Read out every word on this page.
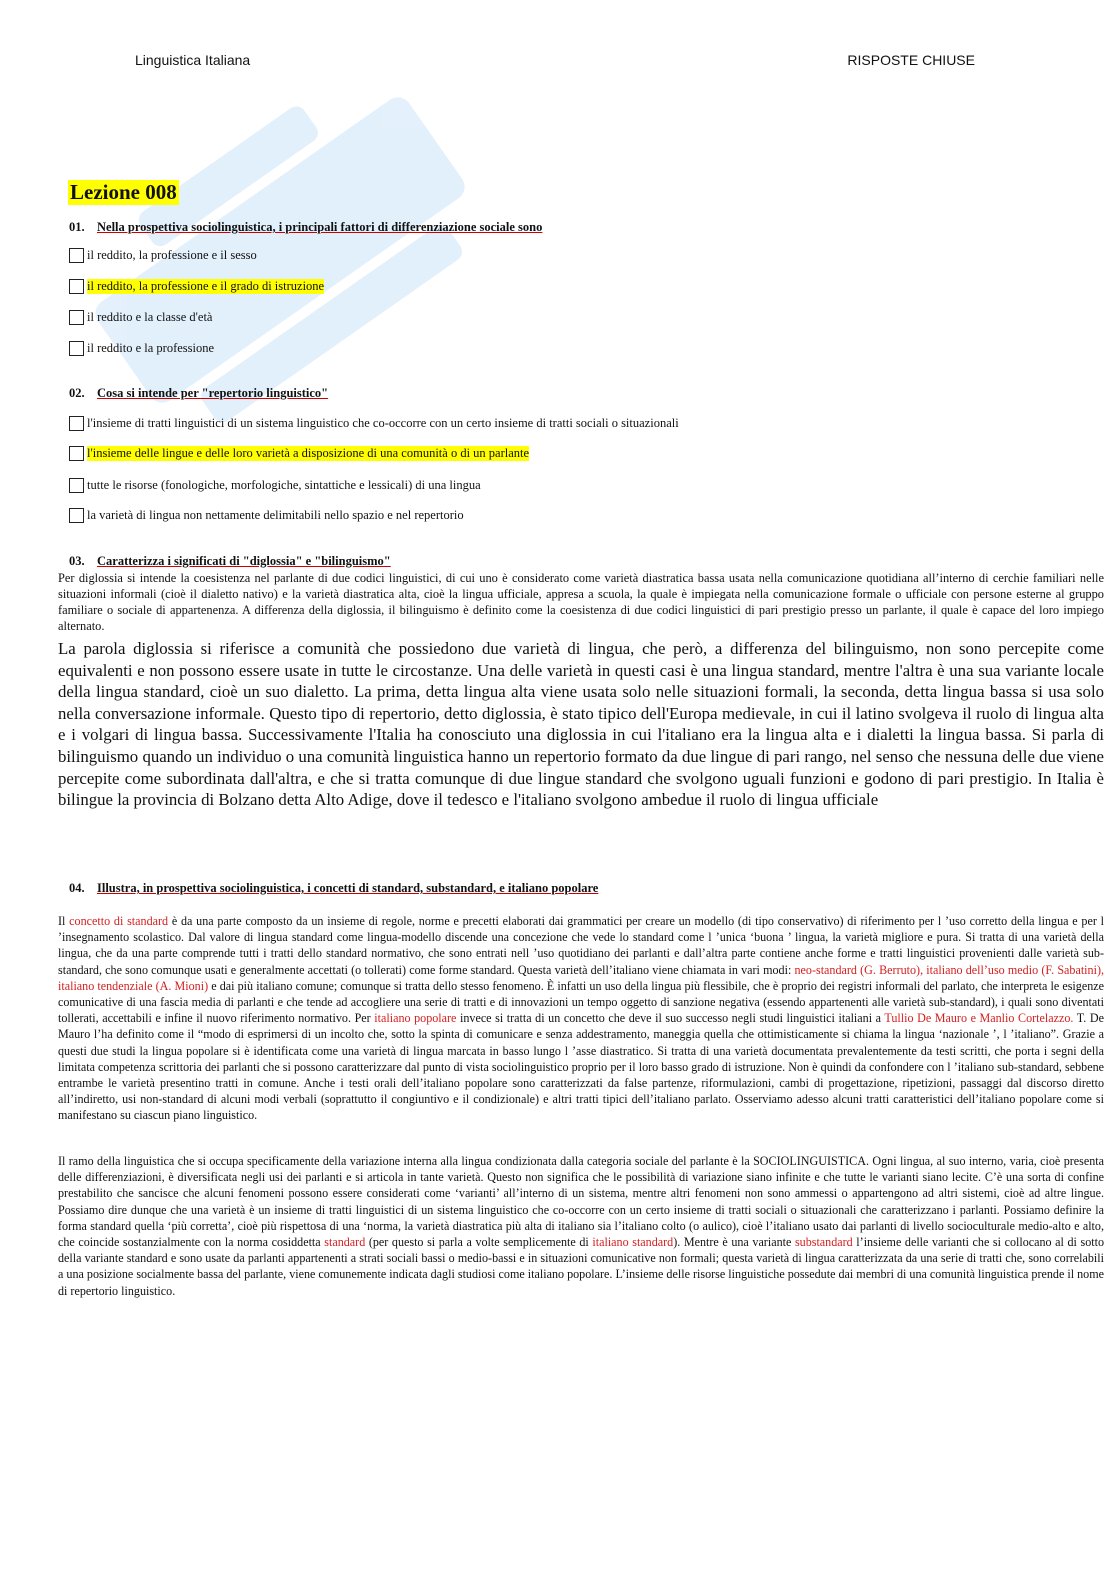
Linguistica Italiana	RISPOSTE CHIUSE
Lezione 008
01. Nella prospettiva sociolinguistica, i principali fattori di differenziazione sociale sono
il reddito, la professione e il sesso
il reddito, la professione e il grado di istruzione
il reddito e la classe d'età
il reddito e la professione
02. Cosa si intende per "repertorio linguistico"
l'insieme di tratti linguistici di un sistema linguistico che co-occorre con un certo insieme di tratti sociali o situazionali
l'insieme delle lingue e delle loro varietà a disposizione di una comunità o di un parlante
tutte le risorse (fonologiche, morfologiche, sintattiche e lessicali) di una lingua
la varietà di lingua non nettamente delimitabili nello spazio e nel repertorio
03. Caratterizza i significati di "diglossia" e "bilinguismo"

Per diglossia si intende la coesistenza nel parlante di due codici linguistici, di cui uno è considerato come varietà diastratica bassa usata nella comunicazione quotidiana all’interno di cerchie familiari nelle situazioni informali (cioè il dialetto nativo) e la varietà diastratica alta, cioè la lingua ufficiale, appresa a scuola, la quale è impiegata nella comunicazione formale o ufficiale con persone esterne al gruppo familiare o sociale di appartenenza. A differenza della diglossia, il bilinguismo è definito come la coesistenza di due codici linguistici di pari prestigio presso un parlante, il quale è capace del loro impiego alternato.

La parola diglossia si riferisce a comunità che possiedono due varietà di lingua, che però, a differenza del bilinguismo, non sono percepite come equivalenti e non possono essere usate in tutte le circostanze. Una delle varietà in questi casi è una lingua standard, mentre l'altra è una sua variante locale della lingua standard, cioè un suo dialetto. La prima, detta lingua alta viene usata solo nelle situazioni formali, la seconda, detta lingua bassa si usa solo nella conversazione informale. Questo tipo di repertorio, detto diglossia, è stato tipico dell'Europa medievale, in cui il latino svolgeva il ruolo di lingua alta e i volgari di lingua bassa. Successivamente l'Italia ha conosciuto una diglossia in cui l'italiano era la lingua alta e i dialetti la lingua bassa. Si parla di bilinguismo quando un individuo o una comunità linguistica hanno un repertorio formato da due lingue di pari rango, nel senso che nessuna delle due viene percepite come subordinata dall'altra, e che si tratta comunque di due lingue standard che svolgono uguali funzioni e godono di pari prestigio. In Italia è bilingue la provincia di Bolzano detta Alto Adige, dove il tedesco e l'italiano svolgono ambedue il ruolo di lingua ufficiale

04. Illustra, in prospettiva sociolinguistica, i concetti di standard, substandard, e italiano popolare

Il concetto di standard è da una parte composto da un insieme di regole, norme e precetti elaborati dai grammatici per creare un modello (di tipo conservativo) di riferimento per l ’uso corretto della lingua e per l ’insegnamento scolastico. Dal valore di lingua standard come lingua-modello discende una concezione che vede lo standard come l ’unica ‘buona ’ lingua, la varietà migliore e pura. Si tratta di una varietà della lingua, che da una parte comprende tutti i tratti dello standard normativo, che sono entrati nell ’uso quotidiano dei parlanti e dall’altra parte contiene anche forme e tratti linguistici provenienti dalle varietà sub-standard, che sono comunque usati e generalmente accettati (o tollerati) come forme standard. Questa varietà dell’italiano viene chiamata in vari modi: neo-standard (G. Berruto), italiano dell’uso medio (F. Sabatini), italiano tendenziale (A. Mioni) e dai più italiano comune; comunque si tratta dello stesso fenomeno. È infatti un uso della lingua più flessibile, che è proprio dei registri informali del parlato, che interpreta le esigenze comunicative di una fascia media di parlanti e che tende ad accogliere una serie di tratti e di innovazioni un tempo oggetto di sanzione negativa (essendo appartenenti alle varietà sub-standard), i quali sono diventati tollerati, accettabili e infine il nuovo riferimento normativo. Per italiano popolare invece si tratta di un concetto che deve il suo successo negli studi linguistici italiani a Tullio De Mauro e Manlio Cortelazzo. T. De Mauro l’ha definito come il “modo di esprimersi di un incolto che, sotto la spinta di comunicare e senza addestramento, maneggia quella che ottimisticamente si chiama la lingua ‘nazionale ’, l ’italiano”. Grazie a questi due studi la lingua popolare si è identificata come una varietà di lingua marcata in basso lungo l ’asse diastratico. Si tratta di una varietà documentata prevalentemente da testi scritti, che porta i segni della limitata competenza scrittoria dei parlanti che si possono caratterizzare dal punto di vista sociolinguistico proprio per il loro basso grado di istruzione. Non è quindi da confondere con l ’italiano sub-standard, sebbene entrambe le varietà presentino tratti in comune. Anche i testi orali dell’italiano popolare sono caratterizzati da false partenze, riformulazioni, cambi di progettazione, ripetizioni, passaggi dal discorso diretto all’indiretto, usi non-standard di alcuni modi verbali (soprattutto il congiuntivo e il condizionale) e altri tratti tipici dell’italiano parlato. Osserviamo adesso alcuni tratti caratteristici dell’italiano popolare come si manifestano su ciascun piano linguistico.

Il ramo della linguistica che si occupa specificamente della variazione interna alla lingua condizionata dalla categoria sociale del parlante è la SOCIOLINGUISTICA. Ogni lingua, al suo interno, varia, cioè presenta delle differenziazioni, è diversificata negli usi dei parlanti e si articola in tante varietà. Questo non significa che le possibilità di variazione siano infinite e che tutte le varianti siano lecite. C’è una sorta di confine prestabilito che sancisce che alcuni fenomeni possono essere considerati come ‘varianti’ all’interno di un sistema, mentre altri fenomeni non sono ammessi o appartengono ad altri sistemi, cioè ad altre lingue. Possiamo dire dunque che una varietà è un insieme di tratti linguistici di un sistema linguistico che co-occorre con un certo insieme di tratti sociali o situazionali che caratterizzano i parlanti. Possiamo definire la forma standard quella ‘più corretta’, cioè più rispettosa di una ‘norma, la varietà diastratica più alta di italiano sia l’italiano colto (o aulico), cioè l’italiano usato dai parlanti di livello socioculturale medio-alto e alto, che coincide sostanzialmente con la norma cosiddetta standard (per questo si parla a volte semplicemente di italiano standard). Mentre è una variante substandard l’insieme delle varianti che si collocano al di sotto della variante standard e sono usate da parlanti appartenenti a strati sociali bassi o medio-bassi e in situazioni comunicative non formali; questa varietà di lingua caratterizzata da una serie di tratti che, sono correlabili a una posizione socialmente bassa del parlante, viene comunemente indicata dagli studiosi come italiano popolare. L’insieme delle risorse linguistiche possedute dai membri di una comunità linguistica prende il nome di repertorio linguistico.
